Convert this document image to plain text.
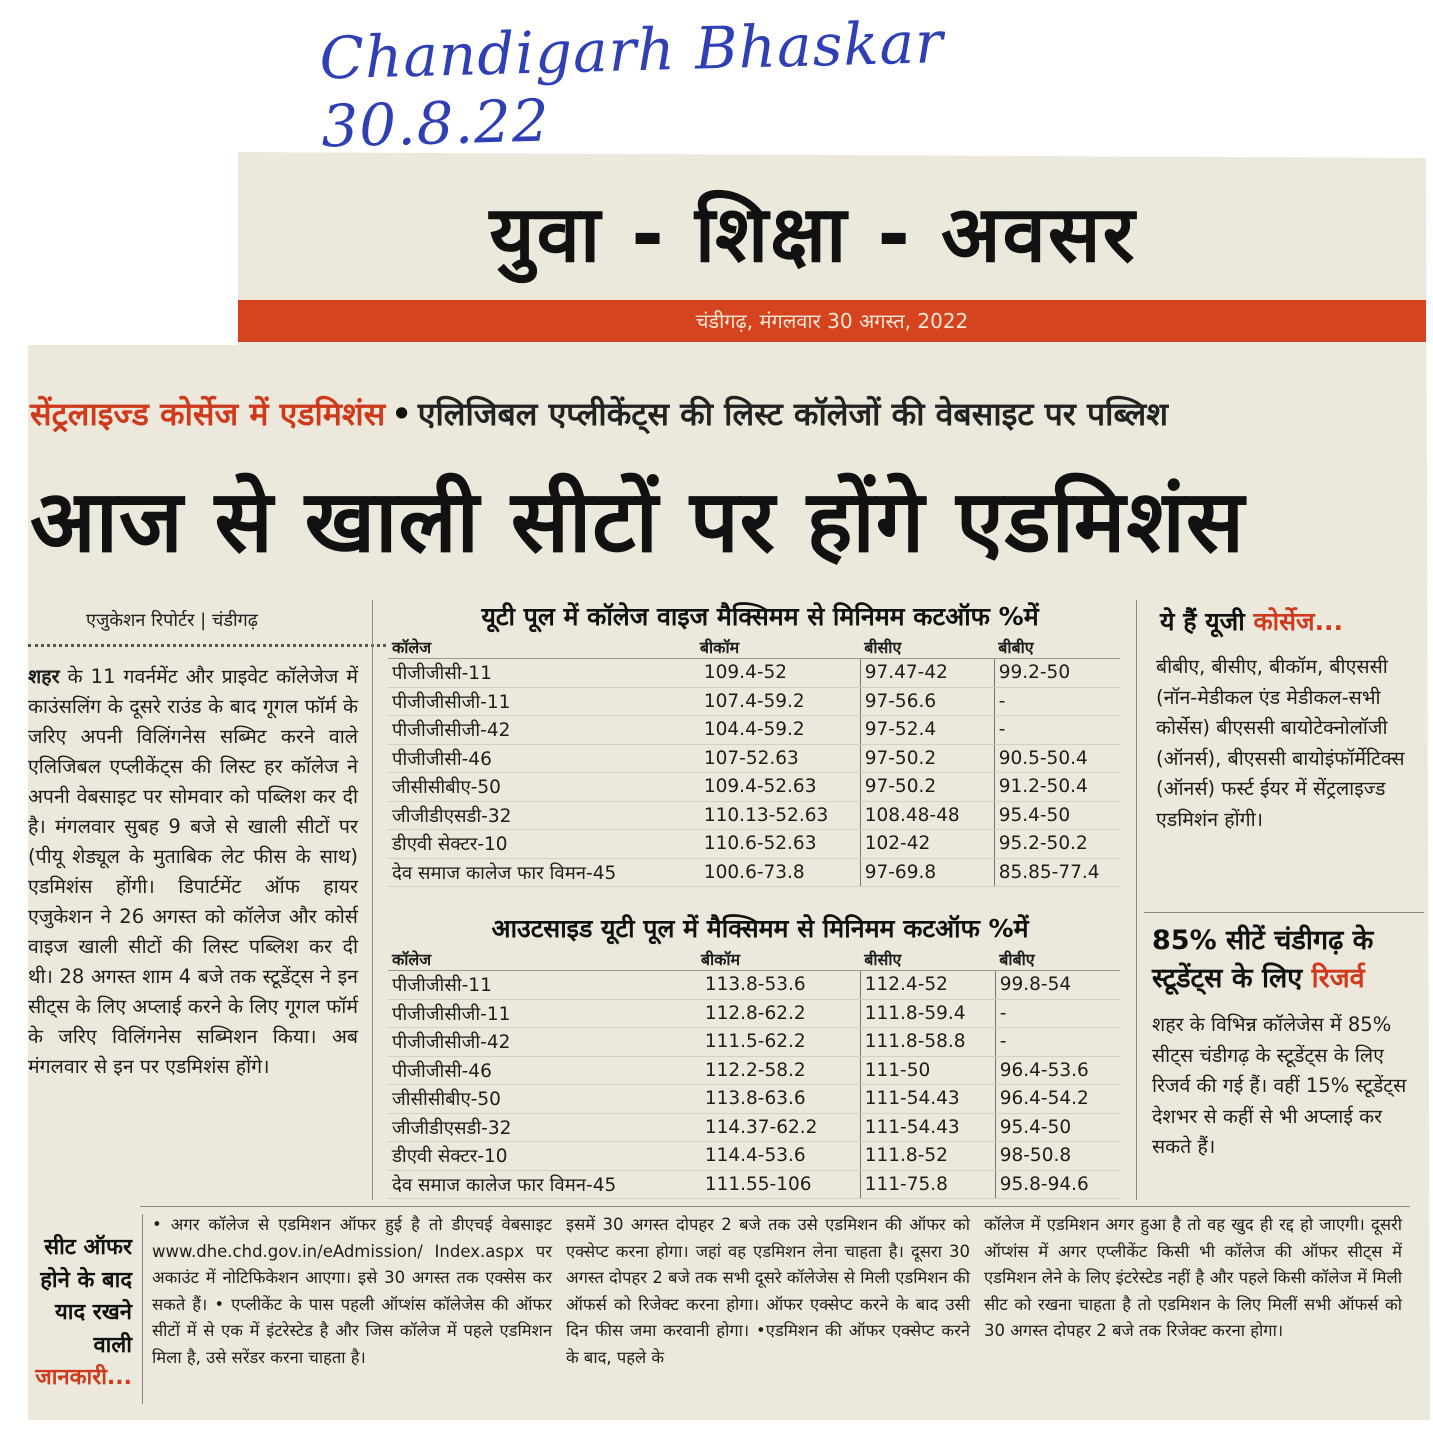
Chandigarh Bhaskar 30.8.22
युवा - शिक्षा - अवसर
चंडीगढ़, मंगलवार 30 अगस्त, 2022
सेंट्रलाइज्ड कोर्सेज में एडमिशंस • एलिजिबल एप्लीकेंट्स की लिस्ट कॉलेजों की वेबसाइट पर पब्लिश
आज से खाली सीटों पर होंगे एडमिशंस
एजुकेशन रिपोर्टर | चंडीगढ़
शहर के 11 गवर्नमेंट और प्राइवेट कॉलेजेज में काउंसलिंग के दूसरे राउंड के बाद गूगल फॉर्म के जरिए अपनी विलिंगनेस सब्मिट करने वाले एलिजिबल एप्लीकेंट्स की लिस्ट हर कॉलेज ने अपनी वेबसाइट पर सोमवार को पब्लिश कर दी है। मंगलवार सुबह 9 बजे से खाली सीटों पर (पीयू शेड्यूल के मुताबिक लेट फीस के साथ) एडमिशंस होंगी। डिपार्टमेंट ऑफ हायर एजुकेशन ने 26 अगस्त को कॉलेज और कोर्स वाइज खाली सीटों की लिस्ट पब्लिश कर दी थी। 28 अगस्त शाम 4 बजे तक स्टूडेंट्स ने इन सीट्स के लिए अप्लाई करने के लिए गूगल फॉर्म के जरिए विलिंगनेस सब्मिशन किया। अब मंगलवार से इन पर एडमिशंस होंगे।
यूटी पूल में कॉलेज वाइज मैक्सिमम से मिनिमम कटऑफ %में
कॉलेज	बीकॉम	बीसीए	बीबीए
पीजीजीसी-11	109.4-52	97.47-42	99.2-50
पीजीजीसीजी-11	107.4-59.2	97-56.6	-
पीजीजीसीजी-42	104.4-59.2	97-52.4	-
पीजीजीसी-46	107-52.63	97-50.2	90.5-50.4
जीसीसीबीए-50	109.4-52.63	97-50.2	91.2-50.4
जीजीडीएसडी-32	110.13-52.63	108.48-48	95.4-50
डीएवी सेक्टर-10	110.6-52.63	102-42	95.2-50.2
देव समाज कालेज फार विमन-45	100.6-73.8	97-69.8	85.85-77.4
आउटसाइड यूटी पूल में मैक्सिमम से मिनिमम कटऑफ %में
कॉलेज	बीकॉम	बीसीए	बीबीए
पीजीजीसी-11	113.8-53.6	112.4-52	99.8-54
पीजीजीसीजी-11	112.8-62.2	111.8-59.4	-
पीजीजीसीजी-42	111.5-62.2	111.8-58.8	-
पीजीजीसी-46	112.2-58.2	111-50	96.4-53.6
जीसीसीबीए-50	113.8-63.6	111-54.43	96.4-54.2
जीजीडीएसडी-32	114.37-62.2	111-54.43	95.4-50
डीएवी सेक्टर-10	114.4-53.6	111.8-52	98-50.8
देव समाज कालेज फार विमन-45	111.55-106	111-75.8	95.8-94.6
ये हैं यूजी कोर्सेज...
बीबीए, बीसीए, बीकॉम, बीएससी (नॉन-मेडीकल एंड मेडीकल-सभी कोर्सेस) बीएससी बायोटेक्नोलॉजी (ऑनर्स), बीएससी बायोइंफॉर्मेटिक्स (ऑनर्स) फर्स्ट ईयर में सेंट्रलाइज्ड एडमिशंन होंगी।
85% सीटें चंडीगढ़ के स्टूडेंट्स के लिए रिजर्व
शहर के विभिन्न कॉलेजेस में 85% सीट्स चंडीगढ़ के स्टूडेंट्स के लिए रिजर्व की गई हैं। वहीं 15% स्टूडेंट्स देशभर से कहीं से भी अप्लाई कर सकते हैं।
सीट ऑफर होने के बाद याद रखने वाली जानकारी...

• अगर कॉलेज से एडमिशन ऑफर हुई है तो डीएचई वेबसाइट www.dhe.chd.gov.in/eAdmission/ Index.aspx पर अकाउंट में नोटिफिकेशन आएगा। इसे 30 अगस्त तक एक्सेस कर सकते हैं। • एप्लीकेंट के पास पहली ऑप्शंस कॉलेजेस की ऑफर सीटों में से एक में इंटरेस्टेड है और जिस कॉलेज में पहले एडमिशन मिला है, उसे सरेंडर करना चाहता है।

इसमें 30 अगस्त दोपहर 2 बजे तक उसे एडमिशन की ऑफर को एक्सेप्ट करना होगा। जहां वह एडमिशन लेना चाहता है। दूसरा 30 अगस्त दोपहर 2 बजे तक सभी दूसरे कॉलेजेस से मिली एडमिशन की ऑफर्स को रिजेक्ट करना होगा। ऑफर एक्सेप्ट करने के बाद उसी दिन फीस जमा करवानी होगा। •एडमिशन की ऑफर एक्सेप्ट करने के बाद, पहले के

कॉलेज में एडमिशन अगर हुआ है तो वह खुद ही रद्द हो जाएगी। दूसरी ऑप्शंस में अगर एप्लीकेंट किसी भी कॉलेज की ऑफर सीट्स में एडमिशन लेने के लिए इंटरेस्टेड नहीं है और पहले किसी कॉलेज में मिली सीट को रखना चाहता है तो एडमिशन के लिए मिलीं सभी ऑफर्स को 30 अगस्त दोपहर 2 बजे तक रिजेक्ट करना होगा।
